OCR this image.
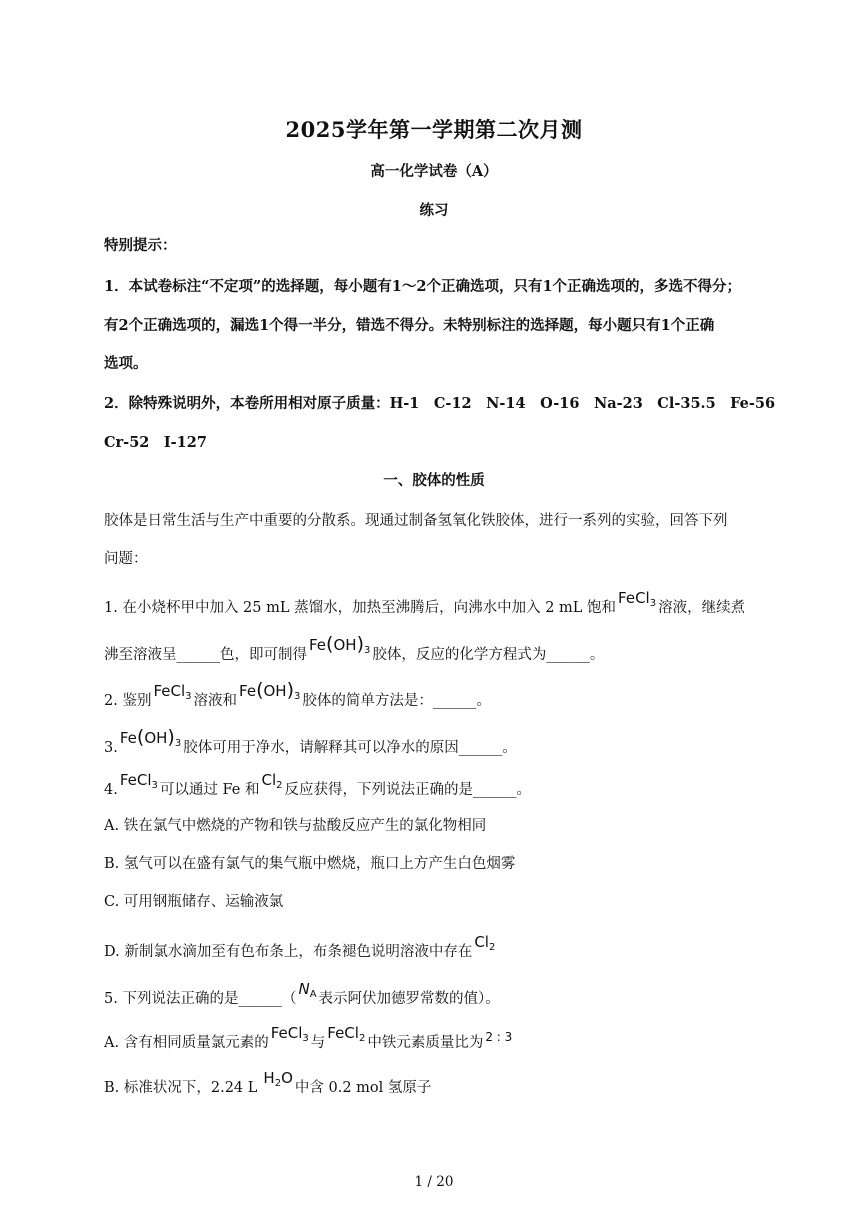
2025学年第一学期第二次月测
高一化学试卷（A）
练习
特别提示：
1．本试卷标注“不定项”的选择题，每小题有1～2个正确选项，只有1个正确选项的，多选不得分；
有2个正确选项的，漏选1个得一半分，错选不得分。未特别标注的选择题，每小题只有1个正确
选项。
2．除特殊说明外，本卷所用相对原子质量：H-1　C-12　N-14　O-16　Na-23　Cl-35.5　Fe-56
Cr-52　I-127
一、胶体的性质
胶体是日常生活与生产中重要的分散系。现通过制备氢氧化铁胶体，进行一系列的实验，回答下列
问题：
1. 在小烧杯甲中加入 25 mL 蒸馏水，加热至沸腾后，向沸水中加入 2 mL 饱和FeCl$_3$ 溶液，继续煮
沸至溶液呈______色，即可制得$Fe(OH)_3$ 胶体，反应的化学方程式为______。
2. 鉴别FeCl$_3$ 溶液和$Fe(OH)_3$ 胶体的简单方法是：______。
$3.Fe(OH)_3$ 胶体可用于净水，请解释其可以净水的原因______。
4.FeCl$_3$ 可以通过 Fe 和$Cl_2$ 反应获得，下列说法正确的是______。
A. 铁在氯气中燃烧的产物和铁与盐酸反应产生的氯化物相同
B. 氢气可以在盛有氯气的集气瓶中燃烧，瓶口上方产生白色烟雾
C. 可用钢瓶储存、运输液氯
D. 新制氯水滴加至有色布条上，布条褪色说明溶液中存在$Cl_2$
5. 下列说法正确的是$\_\_\_\_\_\_(N_A$ 表示阿伏加德罗常数的值）。
A. 含有相同质量氯元素的FeCl$_3$ 与FeCl$_2$ 中铁元素质量比为 $^{2 : 3}$
B. 标准状况下，2.24 $LH_2O$中含 0.2 mol 氢原子
1 / 20
